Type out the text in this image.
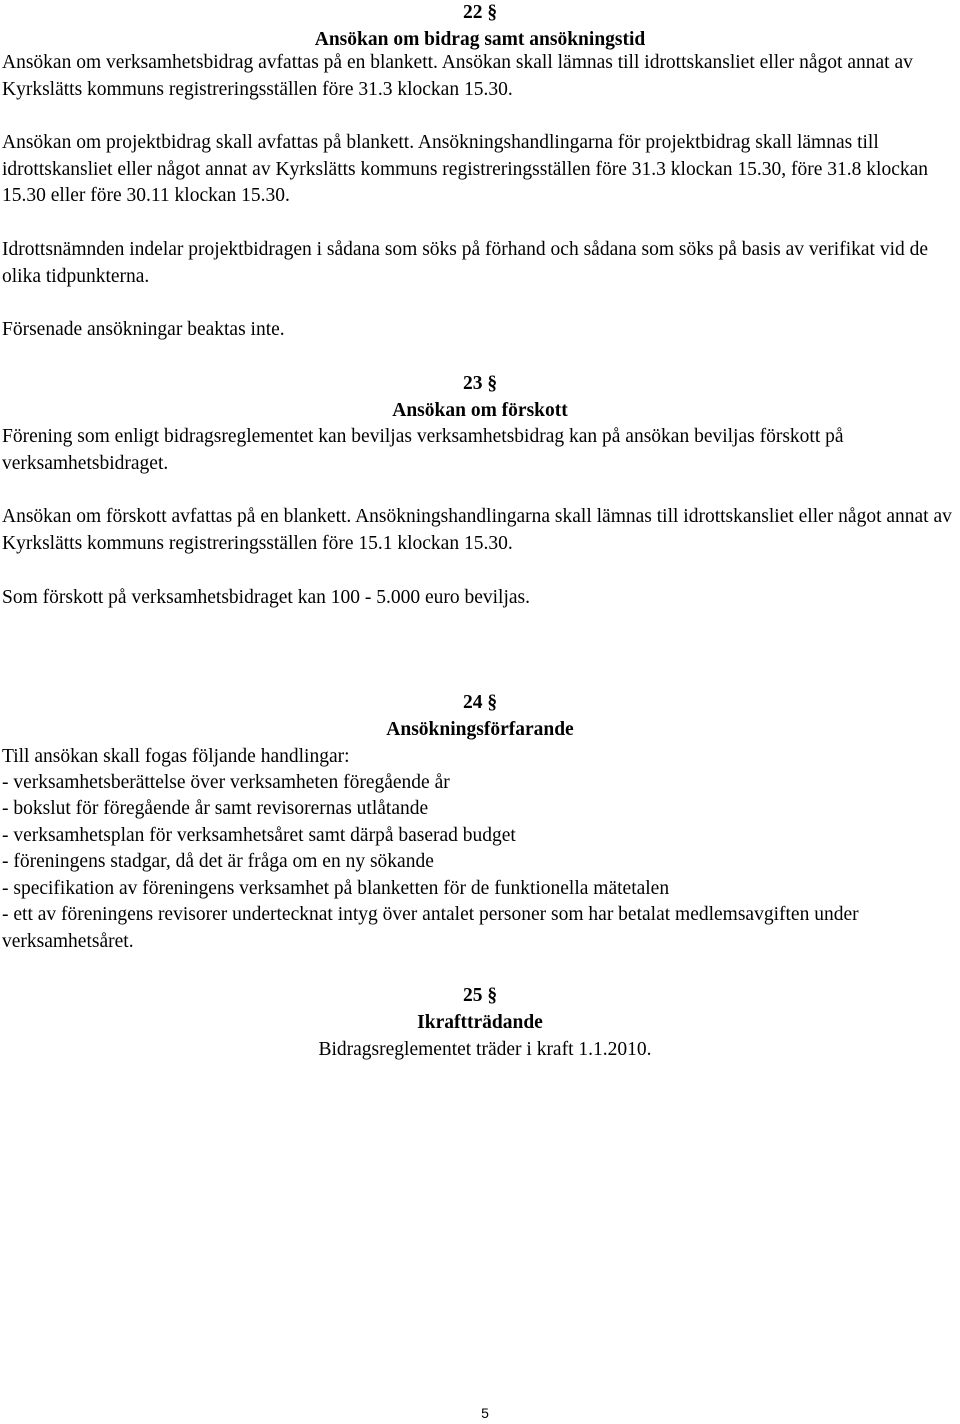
22 §
Ansökan om bidrag samt ansökningstid
Ansökan om verksamhetsbidrag avfattas på en blankett. Ansökan skall lämnas till idrottskansliet eller något annat av Kyrkslätts kommuns registreringsställen före 31.3 klockan 15.30.
Ansökan om projektbidrag skall avfattas på blankett. Ansökningshandlingarna för projektbidrag skall lämnas till idrottskansliet eller något annat av Kyrkslätts kommuns registreringsställen före 31.3 klockan 15.30, före 31.8 klockan 15.30 eller före 30.11 klockan 15.30.
Idrottsnämnden indelar projektbidragen i sådana som söks på förhand och sådana som söks på basis av verifikat vid de olika tidpunkterna.
Försenade ansökningar beaktas inte.
23 §
Ansökan om förskott
Förening som enligt bidragsreglementet kan beviljas verksamhetsbidrag kan på ansökan beviljas förskott på verksamhetsbidraget.
Ansökan om förskott avfattas på en blankett. Ansökningshandlingarna skall lämnas till idrottskansliet eller något annat av Kyrkslätts kommuns registreringsställen före 15.1 klockan 15.30.
Som förskott på verksamhetsbidraget kan 100 - 5.000 euro beviljas.
24 §
Ansökningsförfarande
Till ansökan skall fogas följande handlingar:
- verksamhetsberättelse över verksamheten föregående år
- bokslut för föregående år samt revisorernas utlåtande
- verksamhetsplan för verksamhetsåret samt därpå baserad budget
- föreningens stadgar, då det är fråga om en ny sökande
- specifikation av föreningens verksamhet på blanketten för de funktionella mätetalen
- ett av föreningens revisorer undertecknat intyg över antalet personer som har betalat medlemsavgiften under verksamhetsåret.
25 §
Ikraftträdande
Bidragsreglementet träder i kraft 1.1.2010.
5
